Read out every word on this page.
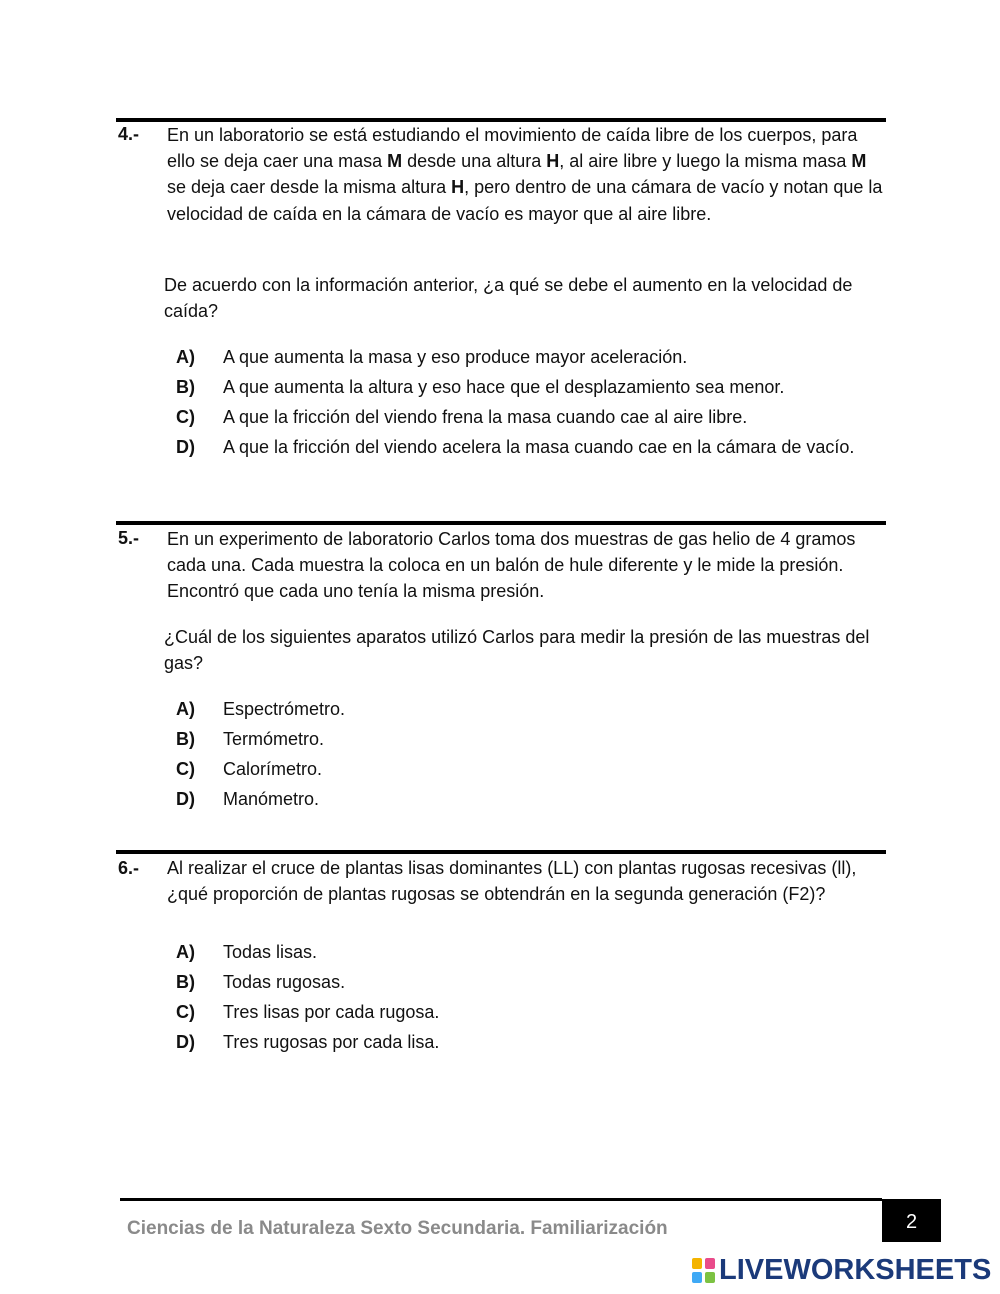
4.- En un laboratorio se está estudiando el movimiento de caída libre de los cuerpos, para ello se deja caer una masa M desde una altura H, al aire libre y luego la misma masa M se deja caer desde la misma altura H, pero dentro de una cámara de vacío y notan que la velocidad de caída en la cámara de vacío es mayor que al aire libre.

De acuerdo con la información anterior, ¿a qué se debe el aumento en la velocidad de caída?

A) A que aumenta la masa y eso produce mayor aceleración.
B) A que aumenta la altura y eso hace que el desplazamiento sea menor.
C) A que la fricción del viendo frena la masa cuando cae al aire libre.
D) A que la fricción del viendo acelera la masa cuando cae en la cámara de vacío.
5.- En un experimento de laboratorio Carlos toma dos muestras de gas helio de 4 gramos cada una. Cada muestra la coloca en un balón de hule diferente y le mide la presión. Encontró que cada uno tenía la misma presión.

¿Cuál de los siguientes aparatos utilizó Carlos para medir la presión de las muestras del gas?

A) Espectrómetro.
B) Termómetro.
C) Calorímetro.
D) Manómetro.
6.- Al realizar el cruce de plantas lisas dominantes (LL) con plantas rugosas recesivas (ll), ¿qué proporción de plantas rugosas se obtendrán en la segunda generación (F2)?

A) Todas lisas.
B) Todas rugosas.
C) Tres lisas por cada rugosa.
D) Tres rugosas por cada lisa.
Ciencias de la Naturaleza Sexto Secundaria. Familiarización	2
LIVEWORKSHEETS
